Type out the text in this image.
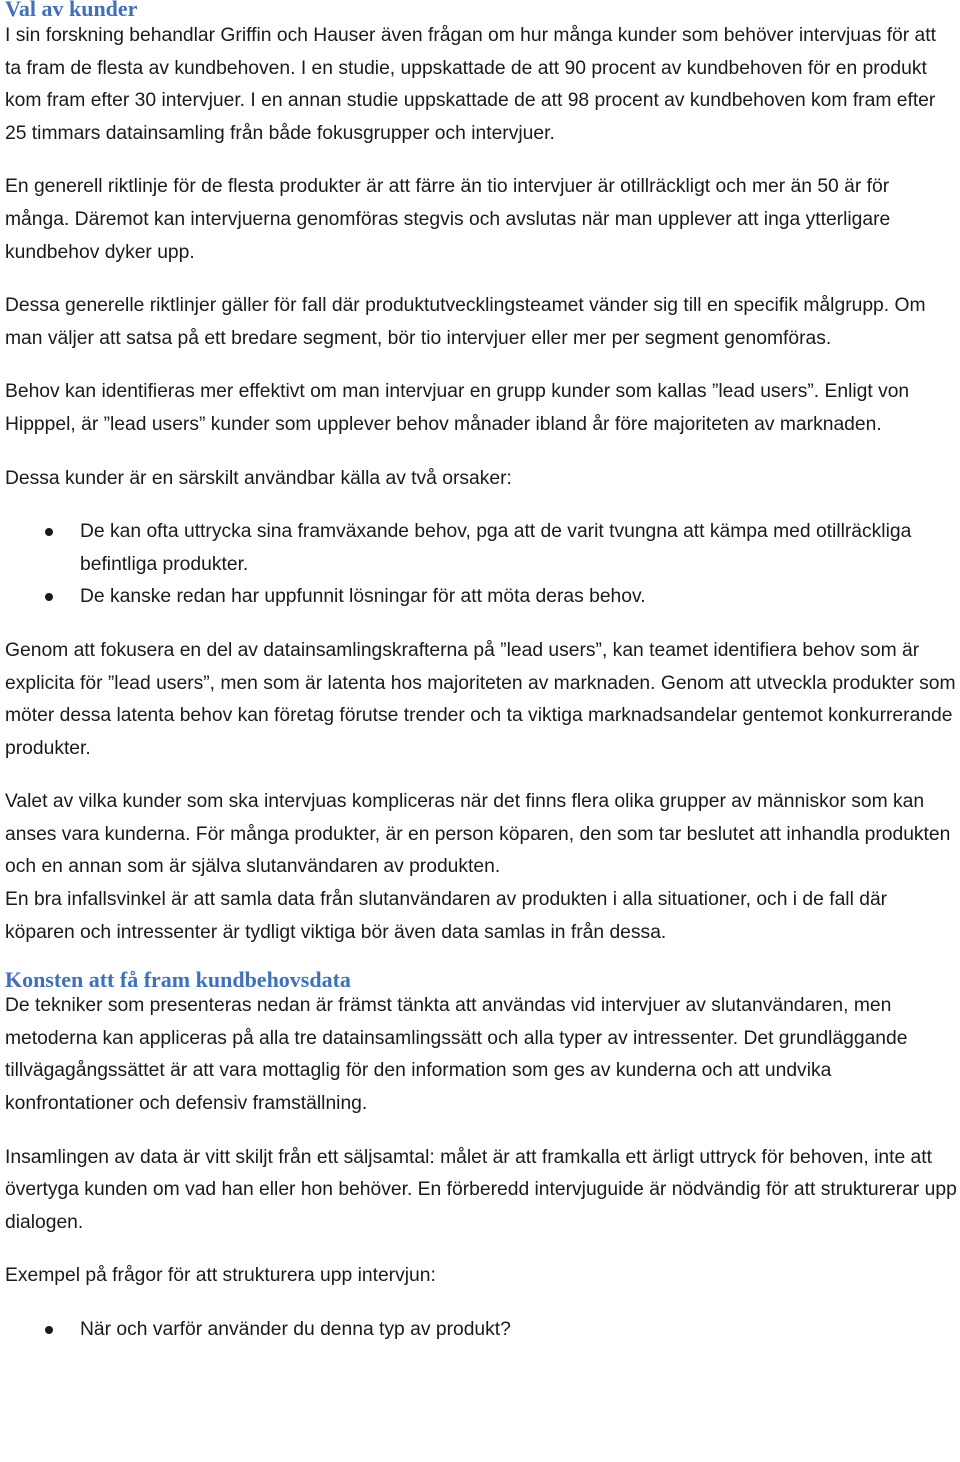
Val av kunder

I sin forskning behandlar Griffin och Hauser även frågan om hur många kunder som behöver intervjuas för att ta fram de flesta av kundbehoven. I en studie, uppskattade de att 90 procent av kundbehoven för en produkt kom fram efter 30 intervjuer. I en annan studie uppskattade de att 98 procent av kundbehoven kom fram efter 25 timmars datainsamling från både fokusgrupper och intervjuer.

En generell riktlinje för de flesta produkter är att färre än tio intervjuer är otillräckligt och mer än 50 är för många. Däremot kan intervjuerna genomföras stegvis och avslutas när man upplever att inga ytterligare kundbehov dyker upp.

Dessa generelle riktlinjer gäller för fall där produktutvecklingsteamet vänder sig till en specifik målgrupp. Om man väljer att satsa på ett bredare segment, bör tio intervjuer eller mer per segment genomföras.

Behov kan identifieras mer effektivt om man intervjuar en grupp kunder som kallas ”lead users”. Enligt von Hipppel, är ”lead users” kunder som upplever behov månader ibland år före majoriteten av marknaden.

Dessa kunder är en särskilt användbar källa av två orsaker:

De kan ofta uttrycka sina framväxande behov, pga att de varit tvungna att kämpa med otillräckliga befintliga produkter.
De kanske redan har uppfunnit lösningar för att möta deras behov.

Genom att fokusera en del av datainsamlingskrafterna på ”lead users”, kan teamet identifiera behov som är explicita för ”lead users”, men som är latenta hos majoriteten av marknaden. Genom att utveckla produkter som möter dessa latenta behov kan företag förutse trender och ta viktiga marknadsandelar gentemot konkurrerande produkter.

Valet av vilka kunder som ska intervjuas kompliceras när det finns flera olika grupper av människor som kan anses vara kunderna. För många produkter, är en person köparen, den som tar beslutet att inhandla produkten och en annan som är själva slutanvändaren av produkten.

En bra infallsvinkel är att samla data från slutanvändaren av produkten i alla situationer, och i de fall där köparen och intressenter är tydligt viktiga bör även data samlas in från dessa.

Konsten att få fram kundbehovsdata

De tekniker som presenteras nedan är främst tänkta att användas vid intervjuer av slutanvändaren, men metoderna kan appliceras på alla tre datainsamlingssätt och alla typer av intressenter. Det grundläggande tillvägagångssättet är att vara mottaglig för den information som ges av kunderna och att undvika konfrontationer och defensiv framställning.

Insamlingen av data är vitt skiljt från ett säljsamtal: målet är att framkalla ett ärligt uttryck för behoven, inte att övertyga kunden om vad han eller hon behöver. En förberedd intervjuguide är nödvändig för att strukturerar upp dialogen.

Exempel på frågor för att strukturera upp intervjun:

När och varför använder du denna typ av produkt?
